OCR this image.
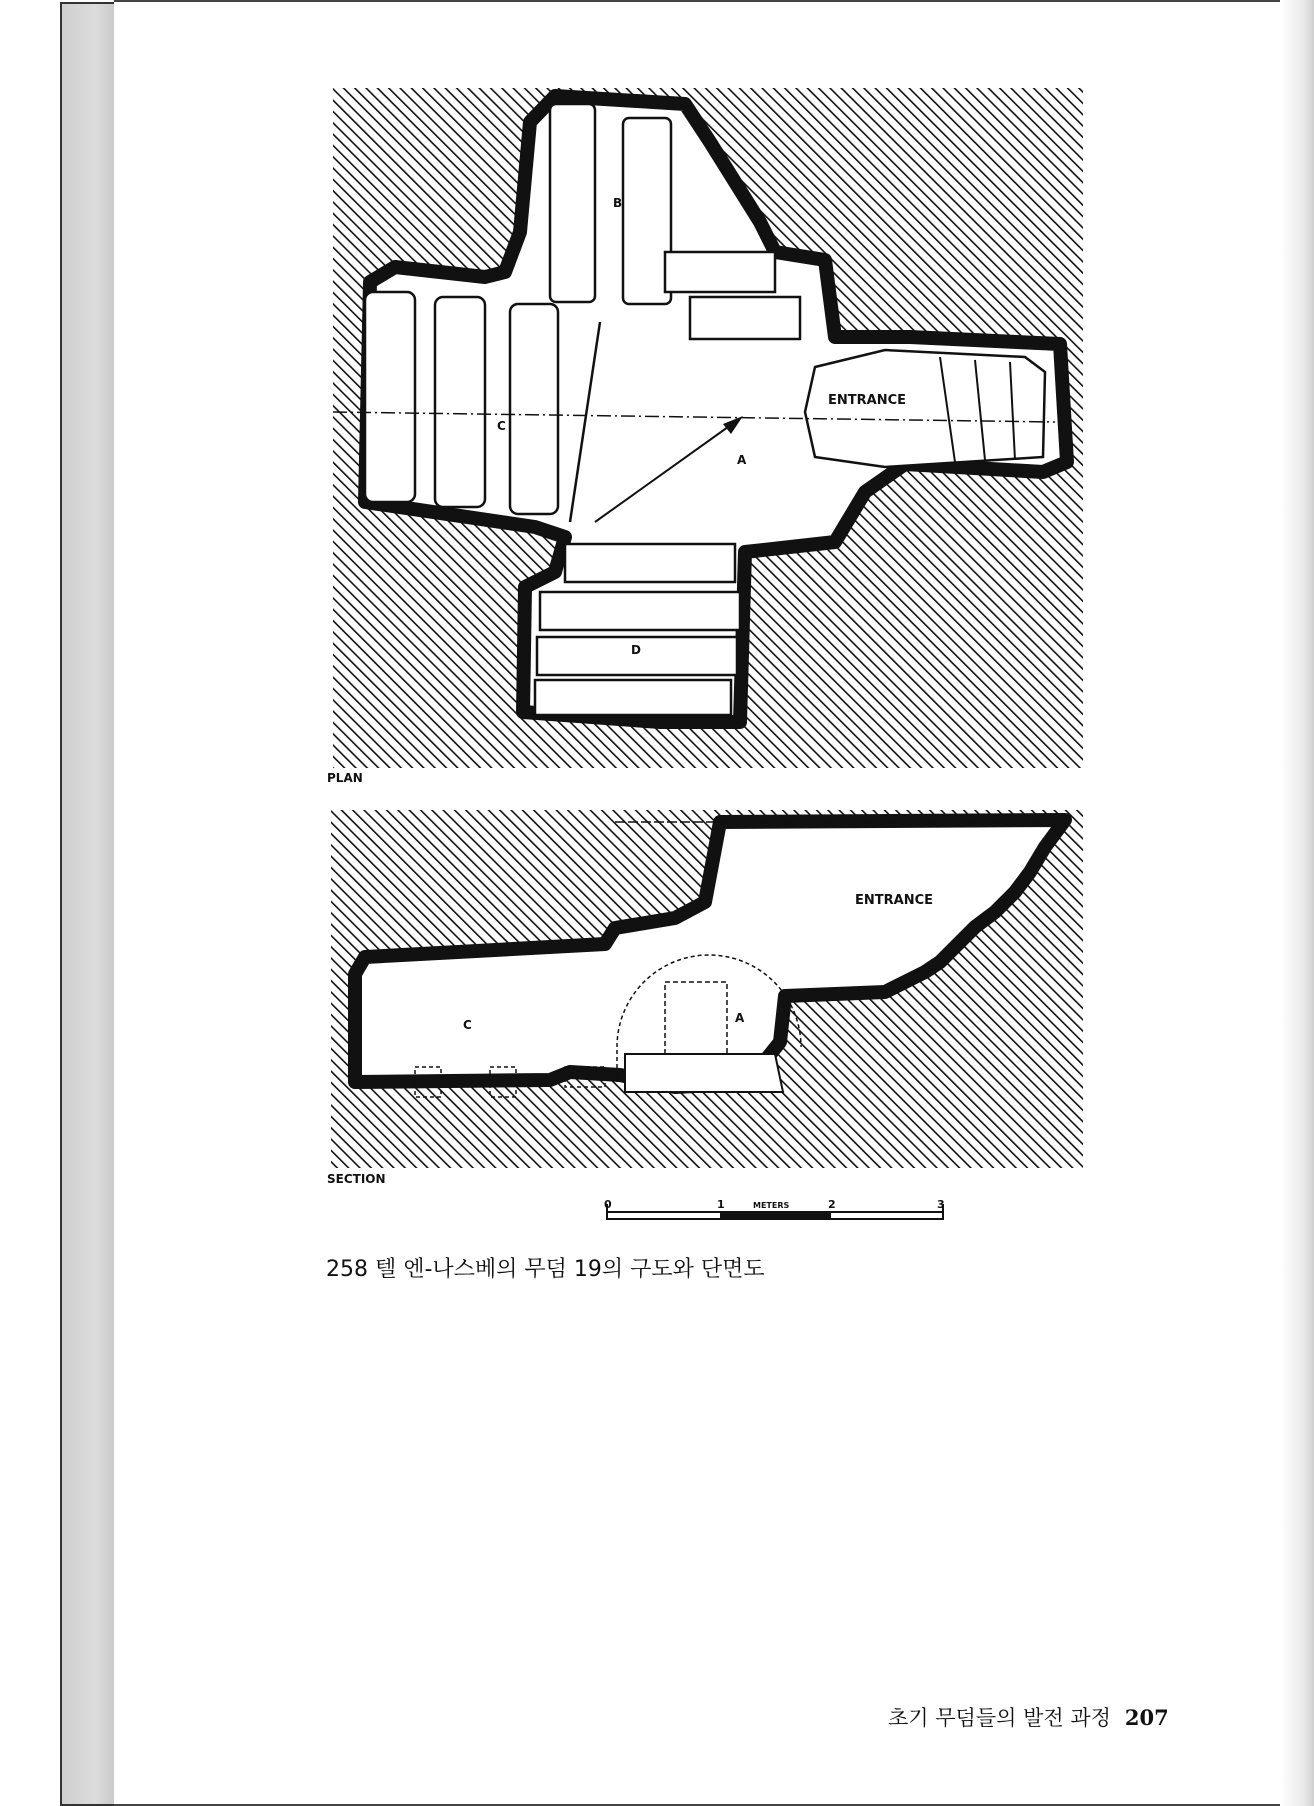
B
C
A
D
ENTRANCE
PLAN
C	A
ENTRANCE
SECTION
0	1	METERS	2	3
258 텔 엔-나스베의 무덤 19의 구도와 단면도
초기 무덤들의 발전 과정 207
